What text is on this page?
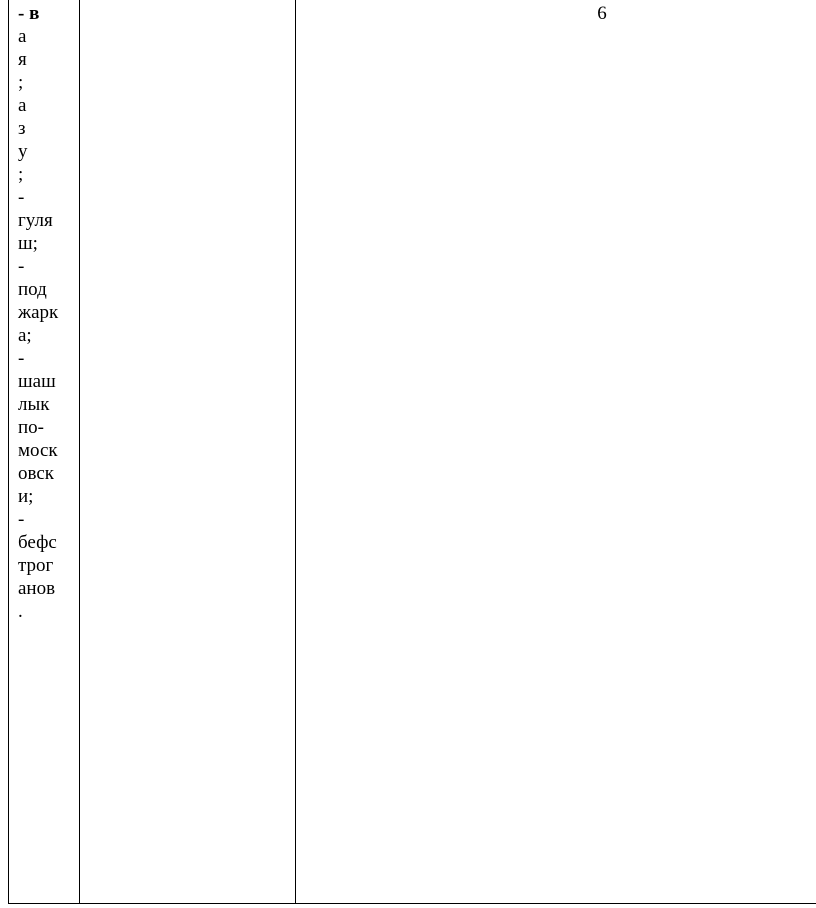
- в
а
я
;
а
з
у
;
-
гуля
ш;
-
под
жарк
а;
-
шаш
лык
по-
моск
овск
и;
-
бефс
трог
анов
.
6
